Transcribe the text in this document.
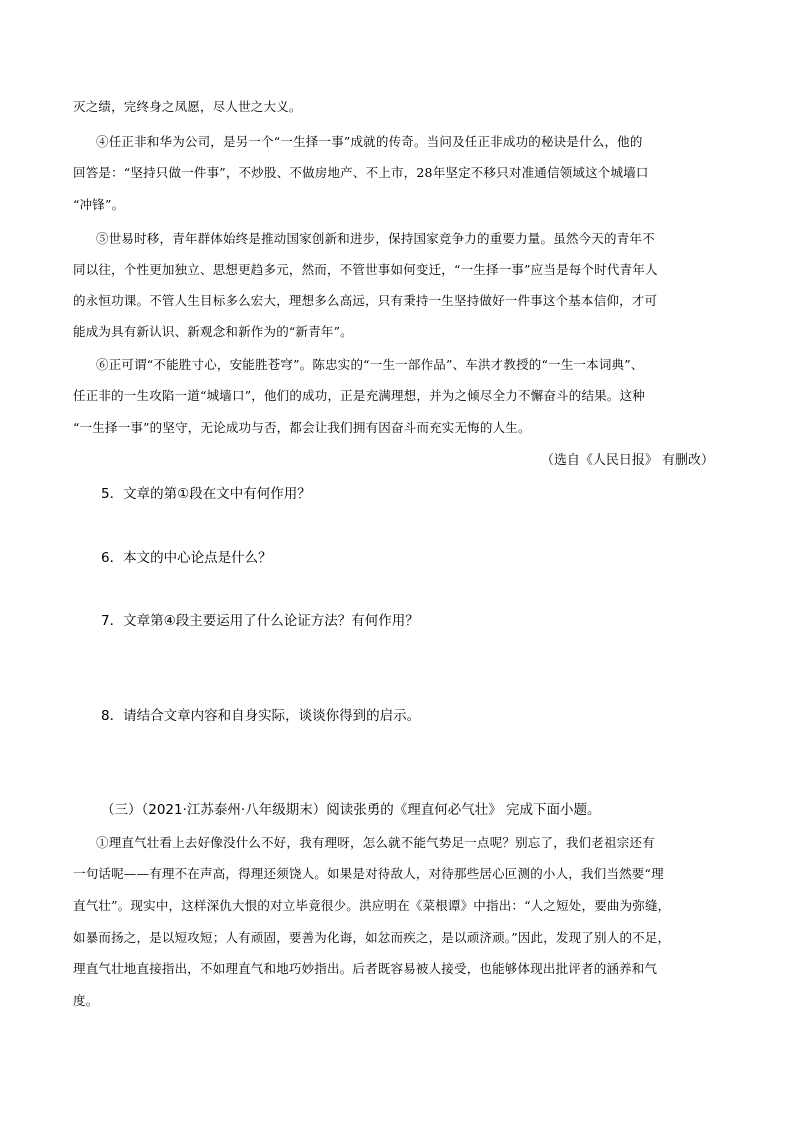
灭之绩，完终身之凤愿，尽人世之大义。
④任正非和华为公司，是另一个“一生择一事”成就的传奇。当问及任正非成功的秘诀是什么，他的
回答是：“坚持只做一件事”，不炒股、不做房地产、不上市，28年坚定不移只对准通信领域这个城墙口
“冲锋”。
⑤世易时移，青年群体始终是推动国家创新和进步，保持国家竞争力的重要力量。虽然今天的青年不
同以往，个性更加独立、思想更趋多元，然而，不管世事如何变迁，“一生择一事”应当是每个时代青年人
的永恒功课。不管人生目标多么宏大，理想多么高远，只有秉持一生坚持做好一件事这个基本信仰，才可
能成为具有新认识、新观念和新作为的“新青年”。
⑥正可谓“不能胜寸心，安能胜苍穹”。陈忠实的“一生一部作品”、车洪才教授的“一生一本词典”、
任正非的一生攻陷一道“城墙口”，他们的成功，正是充满理想，并为之倾尽全力不懈奋斗的结果。这种
“一生择一事”的坚守，无论成功与否，都会让我们拥有因奋斗而充实无悔的人生。
（选自《人民日报》 有删改）
5．文章的第①段在文中有何作用？
6．本文的中心论点是什么？
7．文章第④段主要运用了什么论证方法？有何作用？
8．请结合文章内容和自身实际，谈谈你得到的启示。
（三）（2021·江苏泰州·八年级期末）阅读张勇的《理直何必气壮》 完成下面小题。
①理直气壮看上去好像没什么不好，我有理呀，怎么就不能气势足一点呢？别忘了，我们老祖宗还有
一句话呢——有理不在声高，得理还须饶人。如果是对待敌人，对待那些居心叵测的小人，我们当然要“理
直气壮”。现实中，这样深仇大恨的对立毕竟很少。洪应明在《菜根谭》中指出：“人之短处，要曲为弥缝，
如暴而扬之，是以短攻短；人有顽固，要善为化诲，如忿而疾之，是以顽济顽。”因此，发现了别人的不足，
理直气壮地直接指出，不如理直气和地巧妙指出。后者既容易被人接受，也能够体现出批评者的涵养和气
度。
